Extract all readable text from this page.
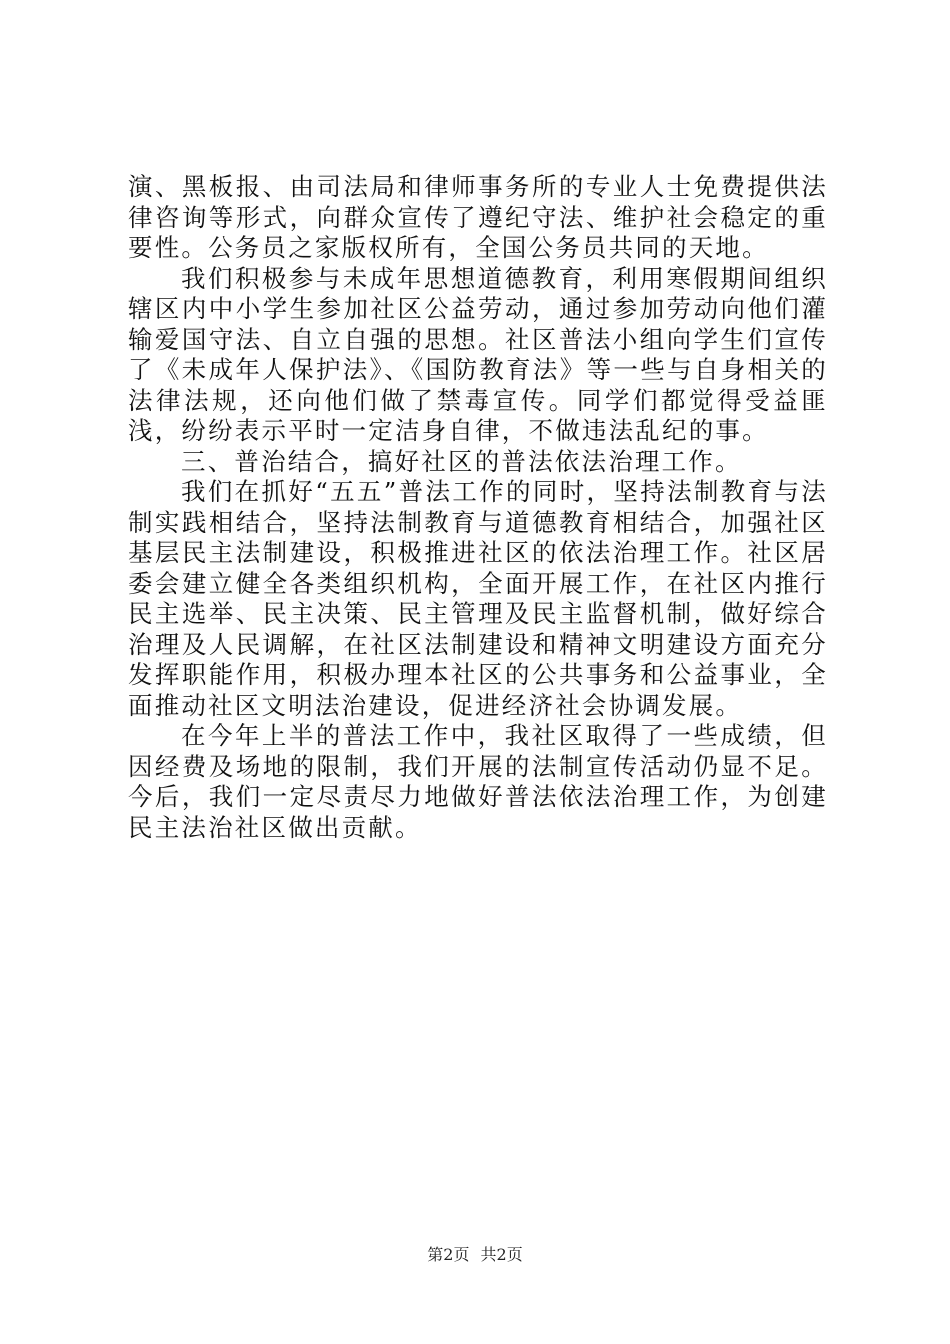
演、黑板报、由司法局和律师事务所的专业人士免费提供法律咨询等形式，向群众宣传了遵纪守法、维护社会稳定的重要性。公务员之家版权所有，全国公务员共同的天地。

我们积极参与未成年思想道德教育，利用寒假期间组织辖区内中小学生参加社区公益劳动，通过参加劳动向他们灌输爱国守法、自立自强的思想。社区普法小组向学生们宣传了《未成年人保护法》、《国防教育法》等一些与自身相关的法律法规，还向他们做了禁毒宣传。同学们都觉得受益匪浅，纷纷表示平时一定洁身自律，不做违法乱纪的事。

三、普治结合，搞好社区的普法依法治理工作。

我们在抓好“五五”普法工作的同时，坚持法制教育与法制实践相结合，坚持法制教育与道德教育相结合，加强社区基层民主法制建设，积极推进社区的依法治理工作。社区居委会建立健全各类组织机构，全面开展工作，在社区内推行民主选举、民主决策、民主管理及民主监督机制，做好综合治理及人民调解，在社区法制建设和精神文明建设方面充分发挥职能作用，积极办理本社区的公共事务和公益事业，全面推动社区文明法治建设，促进经济社会协调发展。

在今年上半的普法工作中，我社区取得了一些成绩，但因经费及场地的限制，我们开展的法制宣传活动仍显不足。今后，我们一定尽责尽力地做好普法依法治理工作，为创建民主法治社区做出贡献。

第2页 共2页
